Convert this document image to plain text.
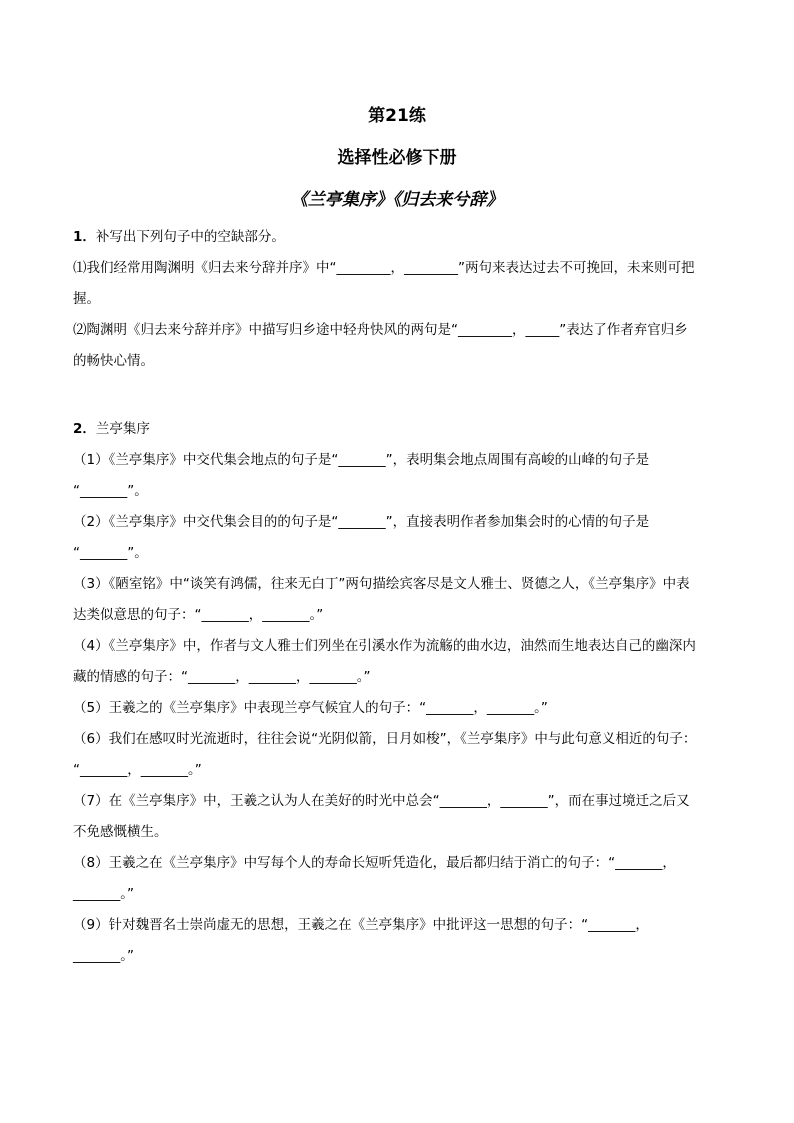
第21练
选择性必修下册
《兰亭集序》《归去来兮辞》
1．补写出下列句子中的空缺部分。
⑴我们经常用陶渊明《归去来兮辞并序》中“________，________”两句来表达过去不可挽回，未来则可把
握。
⑵陶渊明《归去来兮辞并序》中描写归乡途中轻舟快风的两句是“________，_____”表达了作者弃官归乡
的畅快心情。
2．兰亭集序
（1）《兰亭集序》中交代集会地点的句子是“_______”，表明集会地点周围有高峻的山峰的句子是
“_______”。
（2）《兰亭集序》中交代集会目的的句子是“_______”，直接表明作者参加集会时的心情的句子是
“_______”。
（3）《陋室铭》中“谈笑有鸿儒，往来无白丁”两句描绘宾客尽是文人雅士、贤德之人，《兰亭集序》中表
达类似意思的句子：“_______，_______。”
（4）《兰亭集序》中，作者与文人雅士们列坐在引溪水作为流觞的曲水边，油然而生地表达自己的幽深内
藏的情感的句子：“_______，_______，_______。”
（5）王羲之的《兰亭集序》中表现兰亭气候宜人的句子：“_______，_______。”
（6）我们在感叹时光流逝时，往往会说“光阴似箭，日月如梭”，《兰亭集序》中与此句意义相近的句子：
“_______，_______。”
（7）在《兰亭集序》中，王羲之认为人在美好的时光中总会“_______，_______”，而在事过境迁之后又
不免感慨横生。
（8）王羲之在《兰亭集序》中写每个人的寿命长短听凭造化，最后都归结于消亡的句子：“_______，
_______。”
（9）针对魏晋名士崇尚虚无的思想，王羲之在《兰亭集序》中批评这一思想的句子：“_______，
_______。”
